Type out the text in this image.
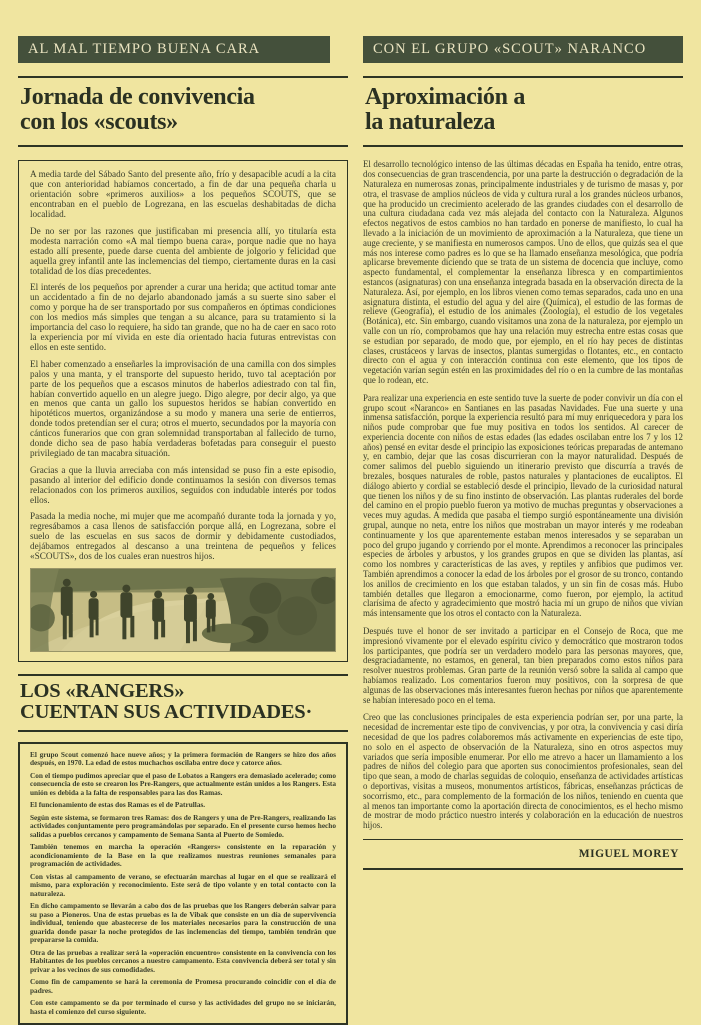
AL MAL TIEMPO BUENA CARA
Jornada de convivencia
con los «scouts»

A media tarde del Sábado Santo del presente año, frío y desapacible acudí a la cita que con anterioridad habíamos concertado, a fin de dar una pequeña charla u orientación sobre «primeros auxilios» a los pequeños SCOUTS, que se encontraban en el pueblo de Logrezana, en las escuelas deshabitadas de dicha localidad.

De no ser por las razones que justificaban mi presencia allí, yo titularía esta modesta narración como «A mal tiempo buena cara», porque nadie que no haya estado allí presente, puede darse cuenta del ambiente de jolgorio y felicidad que aquella grey infantil ante las inclemencias del tiempo, ciertamente duras en la casi totalidad de los días precedentes.

El interés de los pequeños por aprender a curar una herida; que actitud tomar ante un accidentado a fin de no dejarlo abandonado jamás a su suerte sino saber el como y porque ha de ser transportado por sus compañeros en óptimas condiciones con los medios más simples que tengan a su alcance, para su tratamiento si la importancia del caso lo requiere, ha sido tan grande, que no ha de caer en saco roto la experiencia por mí vivida en este día orientado hacia futuras entrevistas con ellos en este sentido.

El haber comenzado a enseñarles la improvisación de una camilla con dos simples palos y una manta, y el transporte del supuesto herido, tuvo tal aceptación por parte de los pequeños que a escasos minutos de haberlos adiestrado con tal fin, habían convertido aquello en un alegre juego. Digo alegre, por decir algo, ya que en menos que canta un gallo los supuestos heridos se habían convertido en hipotéticos muertos, organizándose a su modo y manera una serie de entierros, donde todos pretendían ser el cura; otros el muerto, secundados por la mayoría con cánticos funerarios que con gran solemnidad transportaban al fallecido de turno, donde dicho sea de paso había verdaderas bofetadas para conseguir el puesto privilegiado de tan macabra situación.

Gracias a que la lluvia arreciaba con más intensidad se puso fin a este episodio, pasando al interior del edificio donde continuamos la sesión con diversos temas relacionados con los primeros auxilios, seguidos con indudable interés por todos ellos.

Pasada la media noche, mi mujer que me acompañó durante toda la jornada y yo, regresábamos a casa llenos de satisfacción porque allá, en Logrezana, sobre el suelo de las escuelas en sus sacos de dormir y debidamente custodiados, dejábamos entregados al descanso a una treintena de pequeños y felices «SCOUTS», dos de los cuales eran nuestros hijos.

LOS «RANGERS»
CUENTAN SUS ACTIVIDADES·

El grupo Scout comenzó hace nueve años; y la primera formación de Rangers se hizo dos años después, en 1970. La edad de estos muchachos oscilaba entre doce y catorce años.

Con el tiempo pudimos apreciar que el paso de Lobatos a Rangers era demasiado acelerado; como consecuencia de esto se crearon los Pre-Rangers, que actualmente están unidos a los Rangers. Esta unión es debida a la falta de responsables para las dos Ramas.

El funcionamiento de estas dos Ramas es el de Patrullas.

Según este sistema, se formaron tres Ramas: dos de Rangers y una de Pre-Rangers, realizando las actividades conjuntamente pero programándolas por separado. En el presente curso hemos hecho salidas a pueblos cercanos y campamento de Semana Santa al Puerto de Somiedo.

También tenemos en marcha la operación «Rangers» consistente en la reparación y acondicionamiento de la Base en la que realizamos nuestras reuniones semanales para programación de actividades.

Con vistas al campamento de verano, se efectuarán marchas al lugar en el que se realizará el mismo, para exploración y reconocimiento. Este será de tipo volante y en total contacto con la naturaleza.

En dicho campamento se llevarán a cabo dos de las pruebas que los Rangers deberán salvar para su paso a Pioneros. Una de estas pruebas es la de Vibak que consiste en un día de supervivencia individual, teniendo que abastecerse de los materiales necesarios para la construcción de una guarida donde pasar la noche protegidos de las inclemencias del tiempo, también tendrán que prepararse la comida.

Otra de las pruebas a realizar será la «operación encuentro» consistente en la convivencia con los Habitantes de los pueblos cercanos a nuestro campamento. Esta convivencia deberá ser total y sin privar a los vecinos de sus comodidades.

Como fin de campamento se hará la ceremonia de Promesa procurando coincidir con el día de padres.

Con este campamento se da por terminado el curso y las actividades del grupo no se iniciarán, hasta el comienzo del curso siguiente.

CON EL GRUPO «SCOUT» NARANCO
Aproximación a
la naturaleza

El desarrollo tecnológico intenso de las últimas décadas en España ha tenido, entre otras, dos consecuencias de gran trascendencia, por una parte la destrucción o degradación de la Naturaleza en numerosas zonas, principalmente industriales y de turismo de masas y, por otra, el trasvase de amplios núcleos de vida y cultura rural a los grandes núcleos urbanos, que ha producido un crecimiento acelerado de las grandes ciudades con el desarrollo de una cultura ciudadana cada vez más alejada del contacto con la Naturaleza. Algunos efectos negativos de estos cambios no han tardado en ponerse de manifiesto, lo cual ha llevado a la iniciación de un movimiento de aproximación a la Naturaleza, que tiene un auge creciente, y se manifiesta en numerosos campos. Uno de ellos, que quizás sea el que más nos interese como padres es lo que se ha llamado enseñanza mesológica, que podría aplicarse brevemente diciendo que se trata de un sistema de docencia que incluye, como aspecto fundamental, el complementar la enseñanza libresca y en compartimientos estancos (asignaturas) con una enseñanza integrada basada en la observación directa de la Naturaleza. Así, por ejemplo, en los libros vienen como temas separados, cada uno en una asignatura distinta, el estudio del agua y del aire (Química), el estudio de las formas de relieve (Geografía), el estudio de los animales (Zoología), el estudio de los vegetales (Botánica), etc. Sin embargo, cuando visitamos una zona de la naturaleza, por ejemplo un valle con un río, comprobamos que hay una relación muy estrecha entre estas cosas que se estudian por separado, de modo que, por ejemplo, en el río hay peces de distintas clases, crustáceos y larvas de insectos, plantas sumergidas o flotantes, etc., en contacto directo con el agua y con interacción continua con este elemento, que los tipos de vegetación varían según estén en las proximidades del río o en la cumbre de las montañas que lo rodean, etc.

Para realizar una experiencia en este sentido tuve la suerte de poder convivir un día con el grupo scout «Naranco» en Santianes en las pasadas Navidades. Fue una suerte y una inmensa satisfacción, porque la experiencia resultó para mí muy enriquecedora y para los niños pude comprobar que fue muy positiva en todos los sentidos. Al carecer de experiencia docente con niños de estas edades (las edades oscilaban entre los 7 y los 12 años) pensé en evitar desde el principio las exposiciones teóricas preparadas de antemano y, en cambio, dejar que las cosas discurrieran con la mayor naturalidad. Después de comer salimos del pueblo siguiendo un itinerario previsto que discurría a través de brezales, bosques naturales de roble, pastos naturales y plantaciones de eucaliptos. El diálogo abierto y cordial se estableció desde el principio, llevado de la curiosidad natural que tienen los niños y de su fino instinto de observación. Las plantas ruderales del borde del camino en el propio pueblo fueron ya motivo de muchas preguntas y observaciones a veces muy agudas. A medida que pasaba el tiempo surgió espontáneamente una división grupal, aunque no neta, entre los niños que mostraban un mayor interés y me rodeaban continuamente y los que aparentemente estaban menos interesados y se separaban un poco del grupo jugando y corriendo por el monte. Aprendimos a reconocer las principales especies de árboles y arbustos, y los grandes grupos en que se dividen las plantas, así como los nombres y características de las aves, y reptiles y anfibios que pudimos ver. También aprendimos a conocer la edad de los árboles por el grosor de su tronco, contando los anillos de crecimiento en los que estaban talados, y un sin fin de cosas más. Hubo también detalles que llegaron a emocionarme, como fueron, por ejemplo, la actitud clarísima de afecto y agradecimiento que mostró hacia mí un grupo de niños que vivían más intensamente que los otros el contacto con la Naturaleza.

Después tuve el honor de ser invitado a participar en el Consejo de Roca, que me impresionó vivamente por el elevado espíritu cívico y democrático que mostraron todos los participantes, que podría ser un verdadero modelo para las personas mayores, que, desgraciadamente, no estamos, en general, tan bien preparados como estos niños para resolver nuestros problemas. Gran parte de la reunión versó sobre la salida al campo que habíamos realizado. Los comentarios fueron muy positivos, con la sorpresa de que algunas de las observaciones más interesantes fueron hechas por niños que aparentemente se habían interesado poco en el tema.

Creo que las conclusiones principales de esta experiencia podrían ser, por una parte, la necesidad de incrementar este tipo de convivencias, y por otra, la convivencia y casi diría necesidad de que los padres colaboremos más activamente en experiencias de este tipo, no solo en el aspecto de observación de la Naturaleza, sino en otros aspectos muy variados que sería imposible enumerar. Por ello me atrevo a hacer un llamamiento a los padres de niños del colegio para que aporten sus conocimientos profesionales, sean del tipo que sean, a modo de charlas seguidas de coloquio, enseñanza de actividades artísticas o deportivas, visitas a museos, monumentos artísticos, fábricas, enseñanzas prácticas de socorrismo, etc., para complemento de la formación de los niños, teniendo en cuenta que al menos tan importante como la aportación directa de conocimientos, es el hecho mismo de mostrar de modo práctico nuestro interés y colaboración en la educación de nuestros hijos.

MIGUEL MOREY
